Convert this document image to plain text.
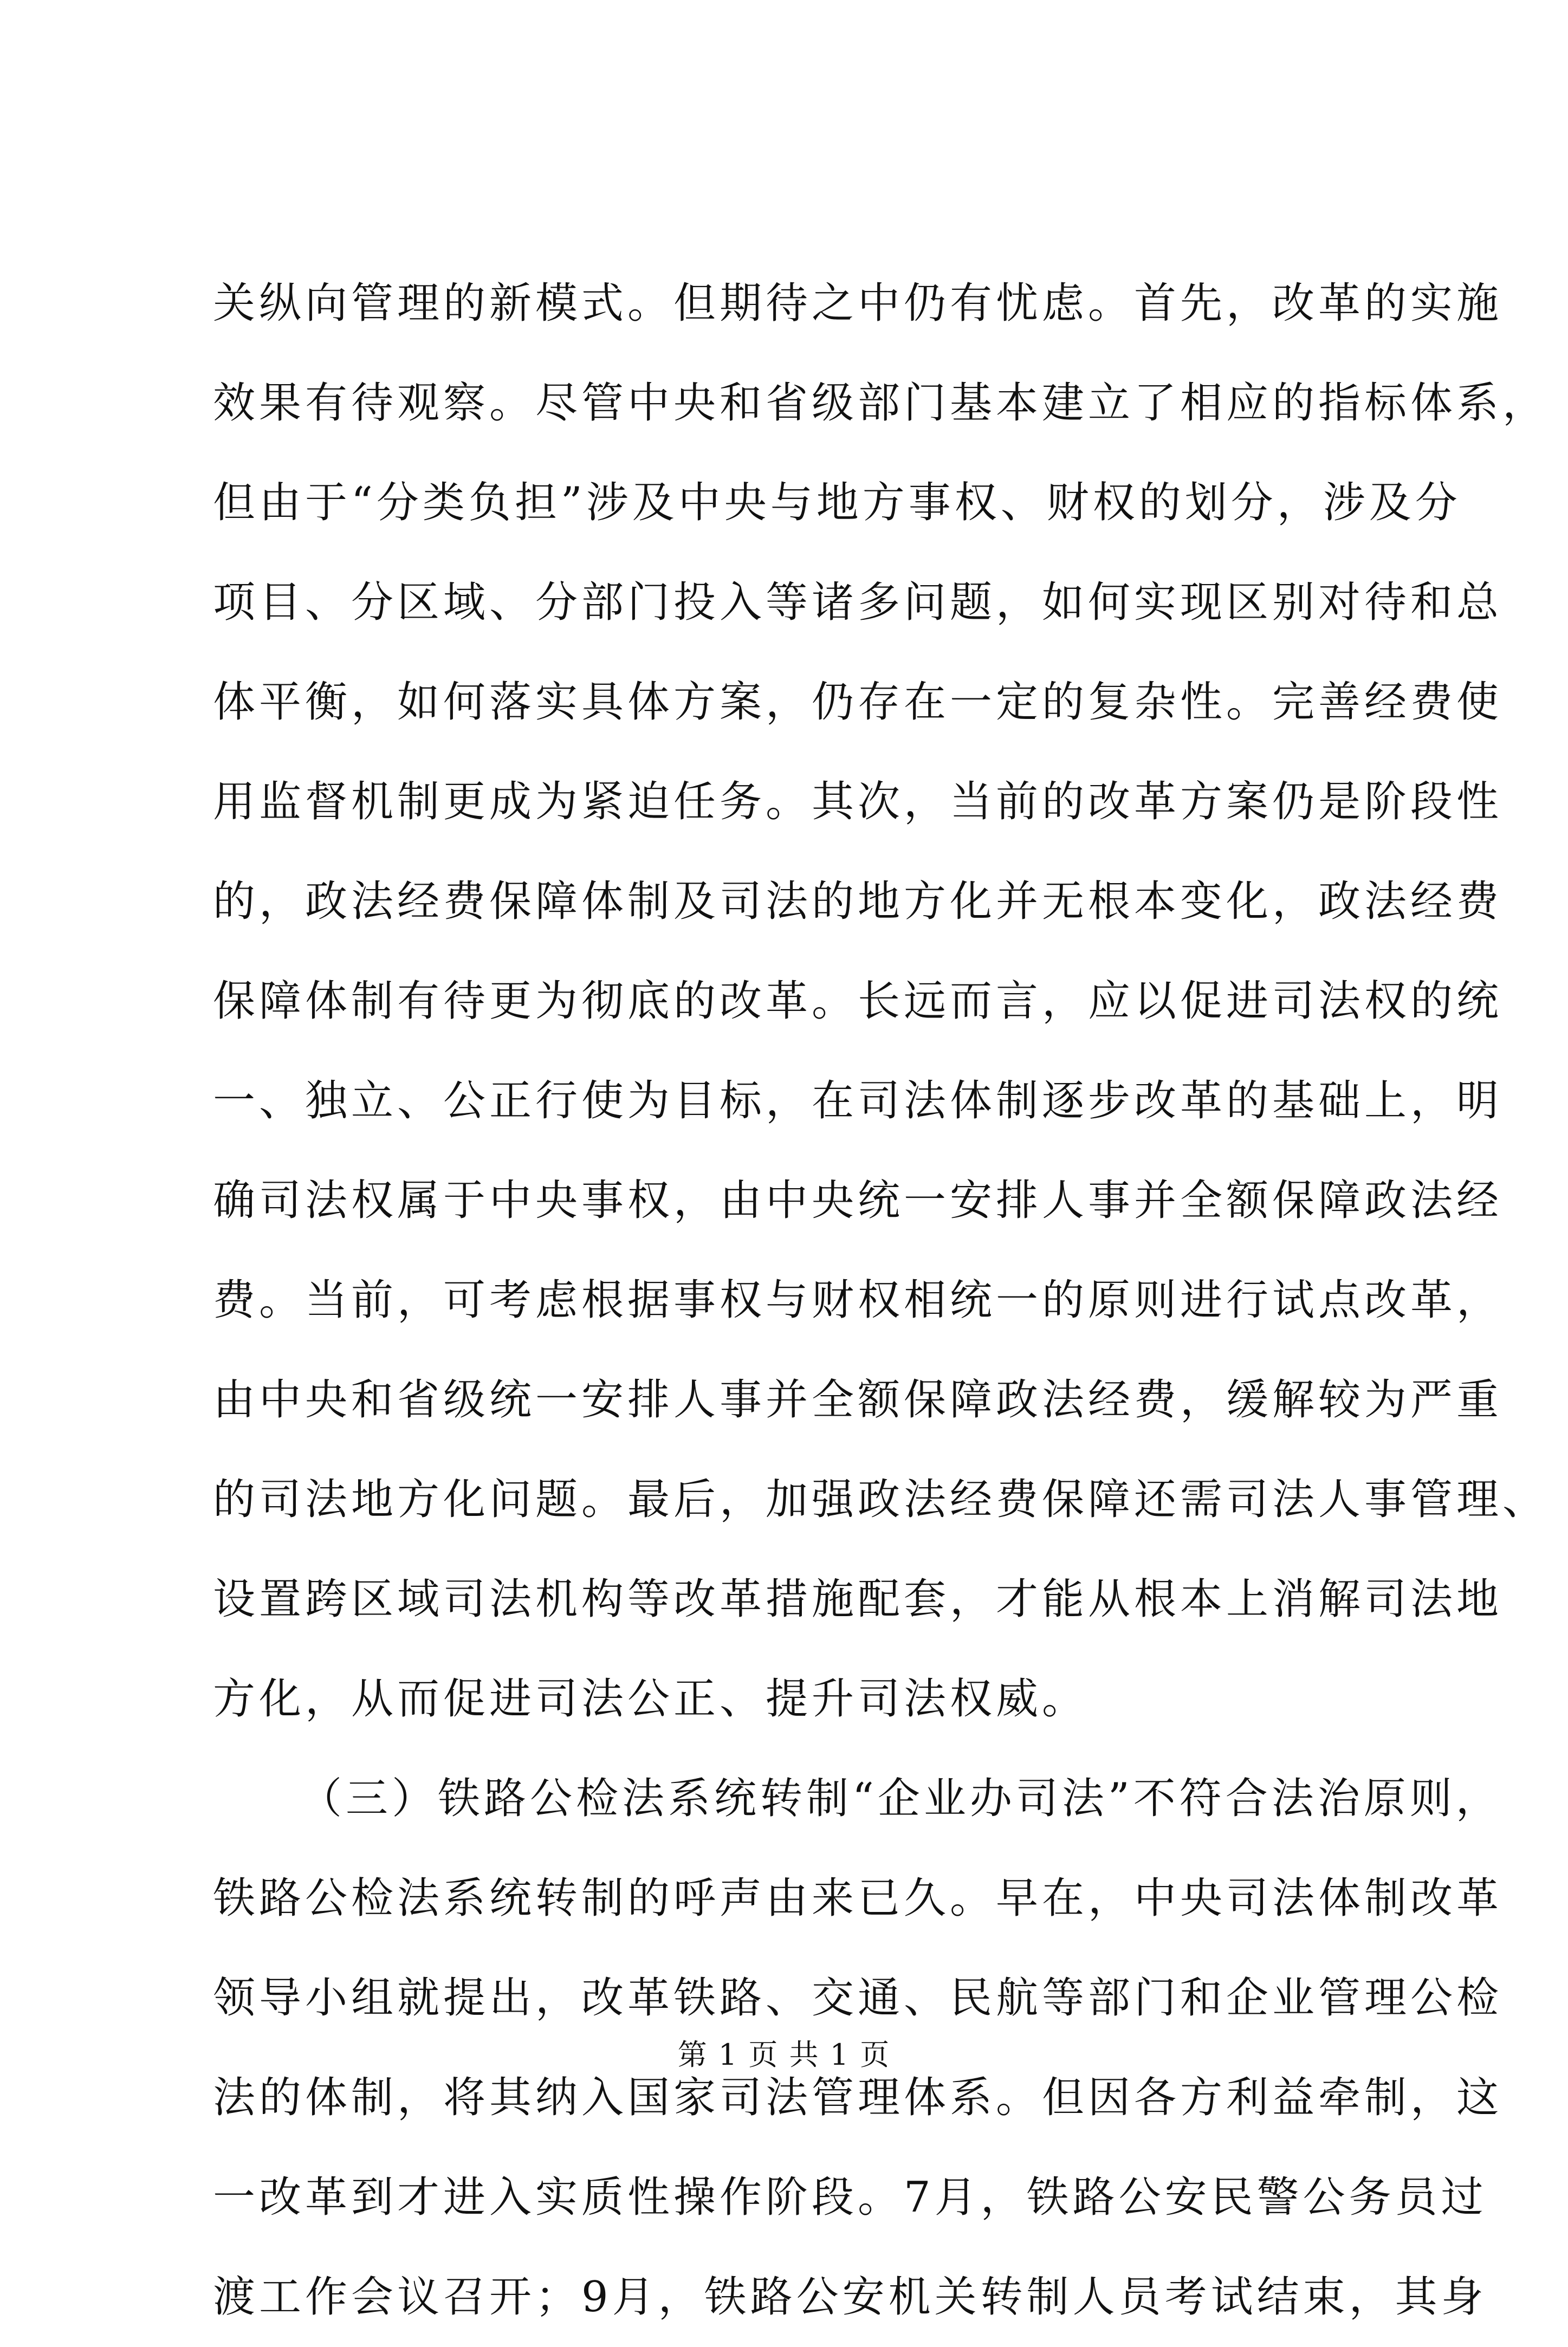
关纵向管理的新模式。但期待之中仍有忧虑。首先，改革的实施
效果有待观察。尽管中央和省级部门基本建立了相应的指标体系，
但由于“分类负担”涉及中央与地方事权、财权的划分，涉及分
项目、分区域、分部门投入等诸多问题，如何实现区别对待和总
体平衡，如何落实具体方案，仍存在一定的复杂性。完善经费使
用监督机制更成为紧迫任务。其次，当前的改革方案仍是阶段性
的，政法经费保障体制及司法的地方化并无根本变化，政法经费
保障体制有待更为彻底的改革。长远而言，应以促进司法权的统
一、独立、公正行使为目标，在司法体制逐步改革的基础上，明
确司法权属于中央事权，由中央统一安排人事并全额保障政法经
费。当前，可考虑根据事权与财权相统一的原则进行试点改革，
由中央和省级统一安排人事并全额保障政法经费，缓解较为严重
的司法地方化问题。最后，加强政法经费保障还需司法人事管理、
设置跨区域司法机构等改革措施配套，才能从根本上消解司法地
方化，从而促进司法公正、提升司法权威。
（三）铁路公检法系统转制“企业办司法”不符合法治原则，
铁路公检法系统转制的呼声由来已久。早在，中央司法体制改革
领导小组就提出，改革铁路、交通、民航等部门和企业管理公检
法的体制，将其纳入国家司法管理体系。但因各方利益牵制，这
一改革到才进入实质性操作阶段。7月，铁路公安民警公务员过
渡工作会议召开；9月，铁路公安机关转制人员考试结束，其身
第 1 页 共 1 页
